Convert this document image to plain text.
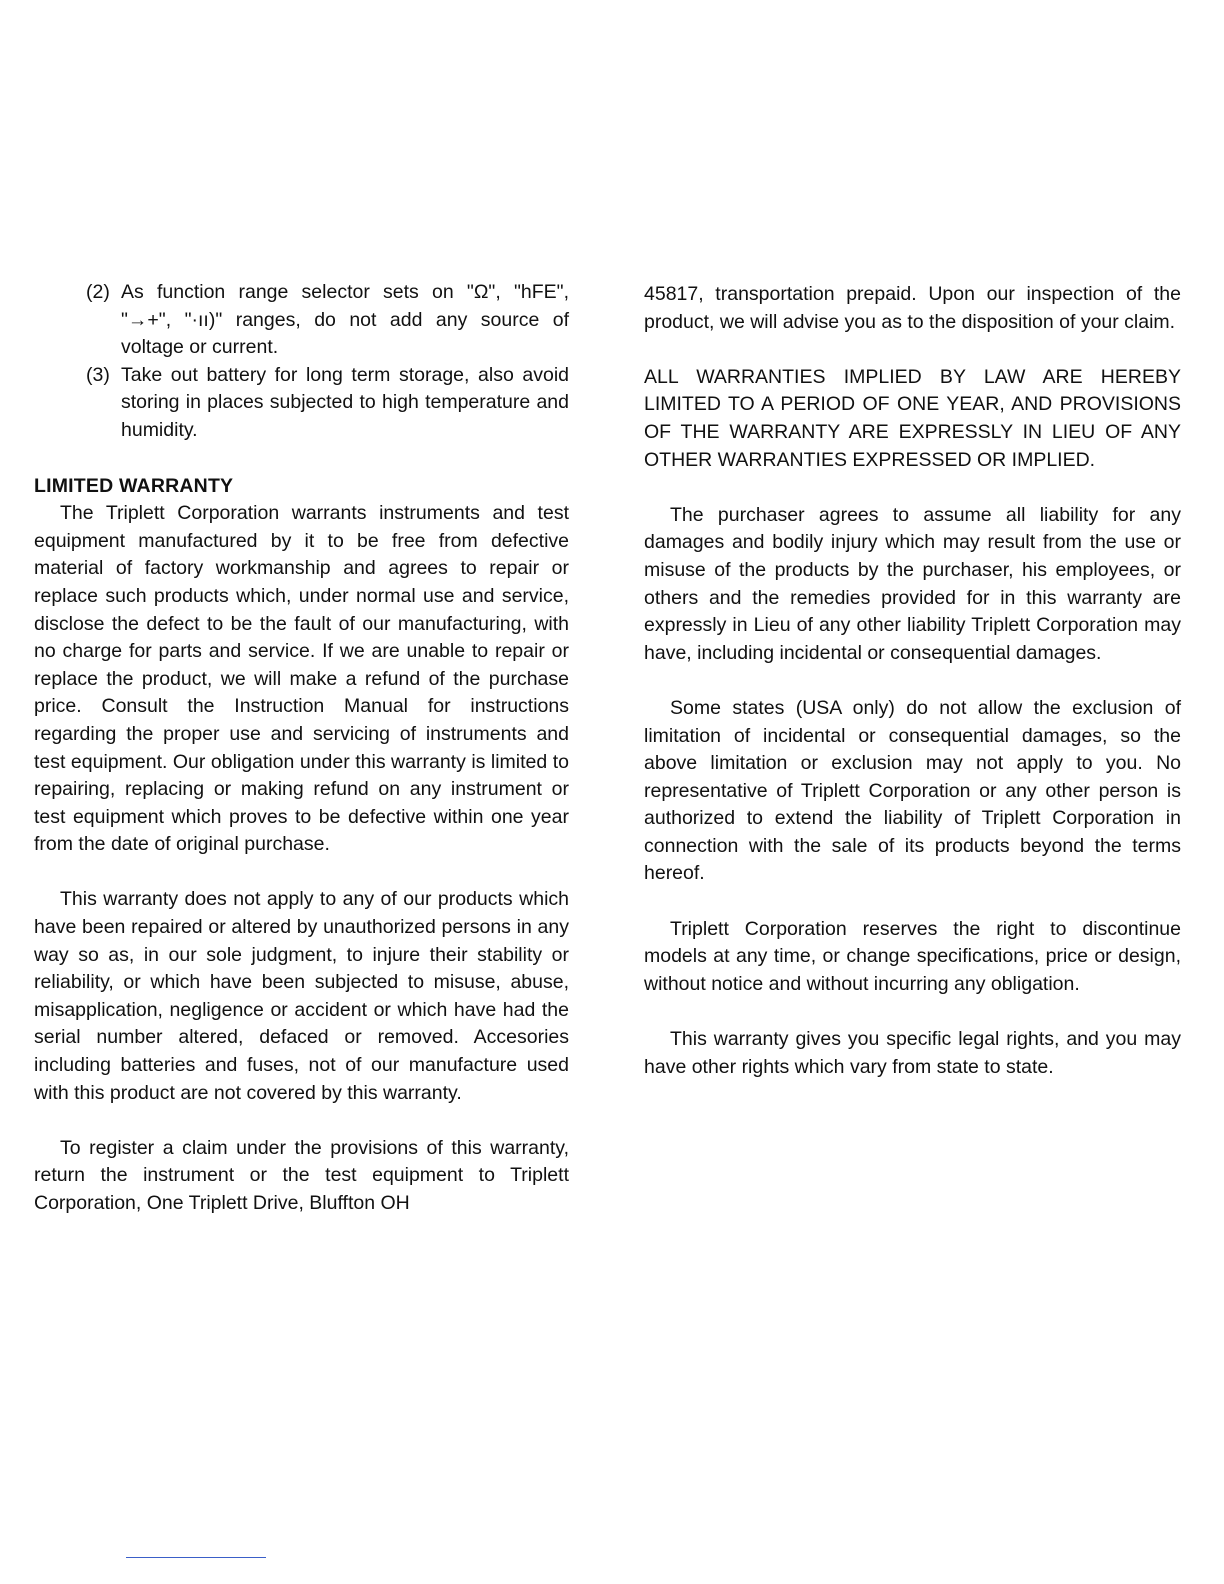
(2) As function range selector sets on "Ω", "hFE", "→+", "·ıı)" ranges, do not add any source of voltage or current.
(3) Take out battery for long term storage, also avoid storing in places subjected to high temperature and humidity.
LIMITED WARRANTY

The Triplett Corporation warrants instruments and test equipment manufactured by it to be free from defective material of factory workmanship and agrees to repair or replace such products which, under normal use and service, disclose the defect to be the fault of our manufacturing, with no charge for parts and service. If we are unable to repair or replace the product, we will make a refund of the purchase price. Consult the Instruction Manual for instructions regarding the proper use and servicing of instruments and test equipment. Our obligation under this warranty is limited to repairing, replacing or making refund on any instrument or test equipment which proves to be defective within one year from the date of original purchase.

This warranty does not apply to any of our products which have been repaired or altered by unauthorized persons in any way so as, in our sole judgment, to injure their stability or reliability, or which have been subjected to misuse, abuse, misapplication, negligence or accident or which have had the serial number altered, defaced or removed. Accesories including batteries and fuses, not of our manufacture used with this product are not covered by this warranty.

To register a claim under the provisions of this warranty, return the instrument or the test equipment to Triplett Corporation, One Triplett Drive, Bluffton OH

45817, transportation prepaid. Upon our inspection of the product, we will advise you as to the disposition of your claim.

ALL WARRANTIES IMPLIED BY LAW ARE HEREBY LIMITED TO A PERIOD OF ONE YEAR, AND PROVISIONS OF THE WARRANTY ARE EXPRESSLY IN LIEU OF ANY OTHER WARRANTIES EXPRESSED OR IMPLIED.

The purchaser agrees to assume all liability for any damages and bodily injury which may result from the use or misuse of the products by the purchaser, his employees, or others and the remedies provided for in this warranty are expressly in Lieu of any other liability Triplett Corporation may have, including incidental or consequential damages.

Some states (USA only) do not allow the exclusion of limitation of incidental or consequential damages, so the above limitation or exclusion may not apply to you. No representative of Triplett Corporation or any other person is authorized to extend the liability of Triplett Corporation in connection with the sale of its products beyond the terms hereof.

Triplett Corporation reserves the right to discontinue models at any time, or change specifications, price or design, without notice and without incurring any obligation.

This warranty gives you specific legal rights, and you may have other rights which vary from state to state.
